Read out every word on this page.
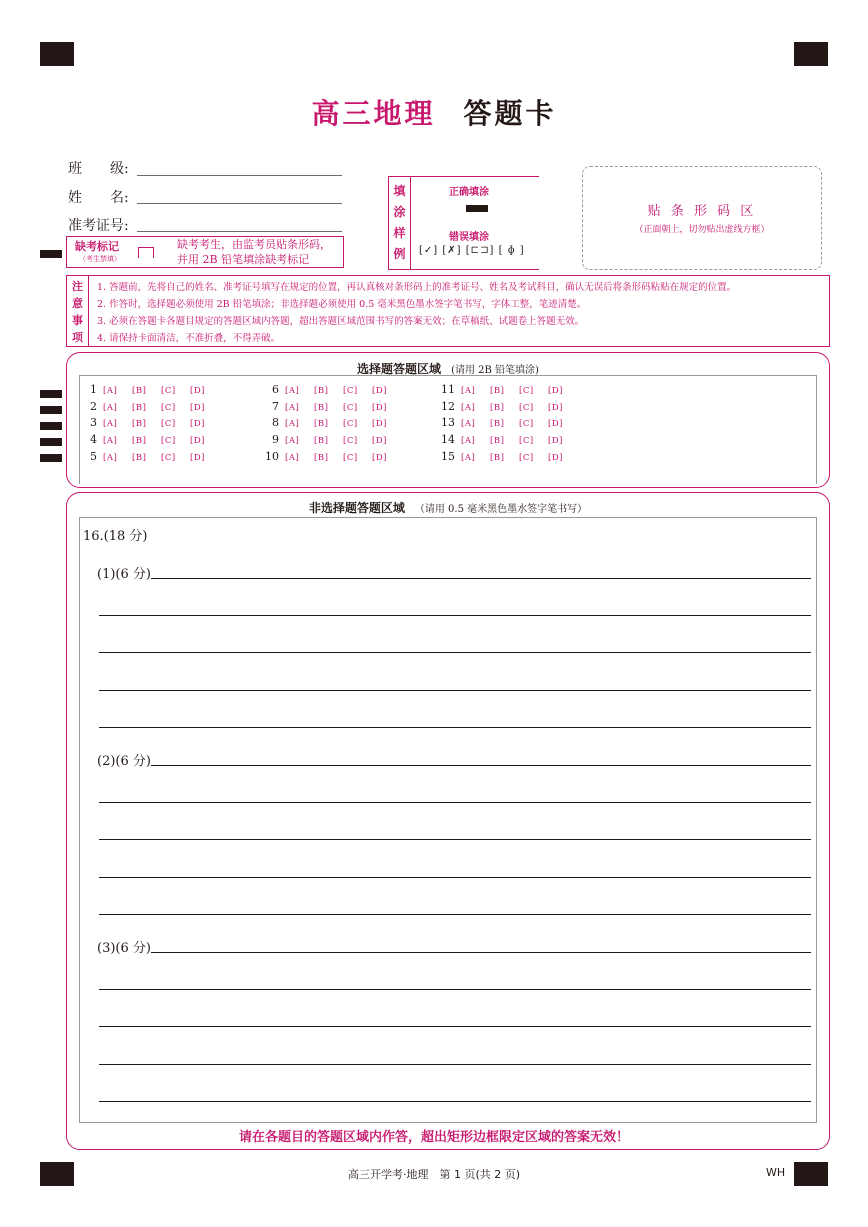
高三地理 答题卡
班　　级:
姓　　名:
准考证号:
缺考标记
（考生禁填）
缺考考生，由监考员贴条形码，
并用 2B 铅笔填涂缺考标记
填
涂
样
例
正确填涂
错误填涂
[✓] [✗] [⊏⊐] [ ɸ ]
贴 条 形 码 区
（正面朝上，切勿贴出虚线方框）
注
意
事
项
1. 答题前，先将自己的姓名、准考证号填写在规定的位置，再认真核对条形码上的准考证号、姓名及考试科目，确认无误后将条形码粘贴在规定的位置。
2. 作答时，选择题必须使用 2B 铅笔填涂；非选择题必须使用 0.5 毫米黑色墨水签字笔书写，字体工整，笔迹清楚。
3. 必须在答题卡各题目规定的答题区域内答题，超出答题区域范围书写的答案无效；在草稿纸、试题卷上答题无效。
4. 请保持卡面清洁，不准折叠，不得弄破。
选择题答题区域 (请用 2B 铅笔填涂)
1 [A] [B] [C] [D]
2 [A] [B] [C] [D]
3 [A] [B] [C] [D]
4 [A] [B] [C] [D]
5 [A] [B] [C] [D]
6 [A] [B] [C] [D]
7 [A] [B] [C] [D]
8 [A] [B] [C] [D]
9 [A] [B] [C] [D]
10 [A] [B] [C] [D]
11 [A] [B] [C] [D]
12 [A] [B] [C] [D]
13 [A] [B] [C] [D]
14 [A] [B] [C] [D]
15 [A] [B] [C] [D]
非选择题答题区域 （请用 0.5 毫米黑色墨水签字笔书写）
16.(18 分)
(1)(6 分)
(2)(6 分)
(3)(6 分)
请在各题目的答题区域内作答，超出矩形边框限定区域的答案无效！
高三开学考·地理　第 1 页(共 2 页)	WH
